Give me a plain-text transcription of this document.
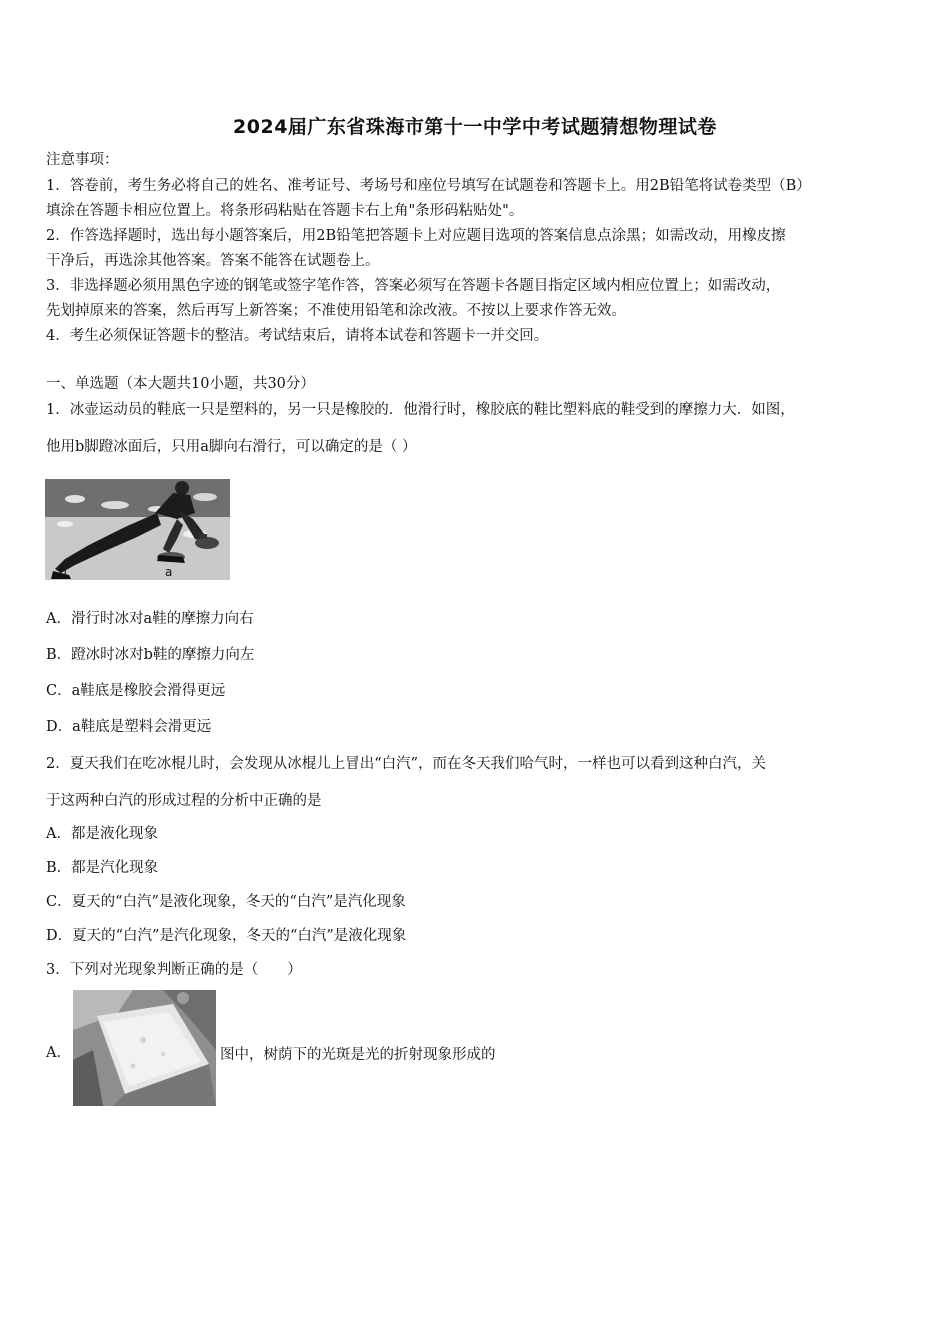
2024届广东省珠海市第十一中学中考试题猜想物理试卷
注意事项：
1．答卷前，考生务必将自己的姓名、准考证号、考场号和座位号填写在试题卷和答题卡上。用2B铅笔将试卷类型（B）
填涂在答题卡相应位置上。将条形码粘贴在答题卡右上角"条形码粘贴处"。
2．作答选择题时，选出每小题答案后，用2B铅笔把答题卡上对应题目选项的答案信息点涂黑；如需改动，用橡皮擦
干净后，再选涂其他答案。答案不能答在试题卷上。
3．非选择题必须用黑色字迹的钢笔或签字笔作答，答案必须写在答题卡各题目指定区域内相应位置上；如需改动，
先划掉原来的答案，然后再写上新答案；不准使用铅笔和涂改液。不按以上要求作答无效。
4．考生必须保证答题卡的整洁。考试结束后，请将本试卷和答题卡一并交回。
一、单选题（本大题共10小题，共30分）
1．冰壶运动员的鞋底一只是塑料的，另一只是橡胶的．他滑行时，橡胶底的鞋比塑料底的鞋受到的摩擦力大．如图，
他用b脚蹬冰面后，只用a脚向右滑行，可以确定的是（ ）
b	a
A．滑行时冰对a鞋的摩擦力向右
B．蹬冰时冰对b鞋的摩擦力向左
C．a鞋底是橡胶会滑得更远
D．a鞋底是塑料会滑更远
2．夏天我们在吃冰棍儿时，会发现从冰棍儿上冒出“白汽”，而在冬天我们哈气时，一样也可以看到这种白汽，关
于这两种白汽的形成过程的分析中正确的是
A．都是液化现象
B．都是汽化现象
C．夏天的“白汽”是液化现象，冬天的“白汽”是汽化现象
D．夏天的“白汽”是汽化现象，冬天的“白汽”是液化现象
3．下列对光现象判断正确的是（　　）
A．	图中，树荫下的光斑是光的折射现象形成的
